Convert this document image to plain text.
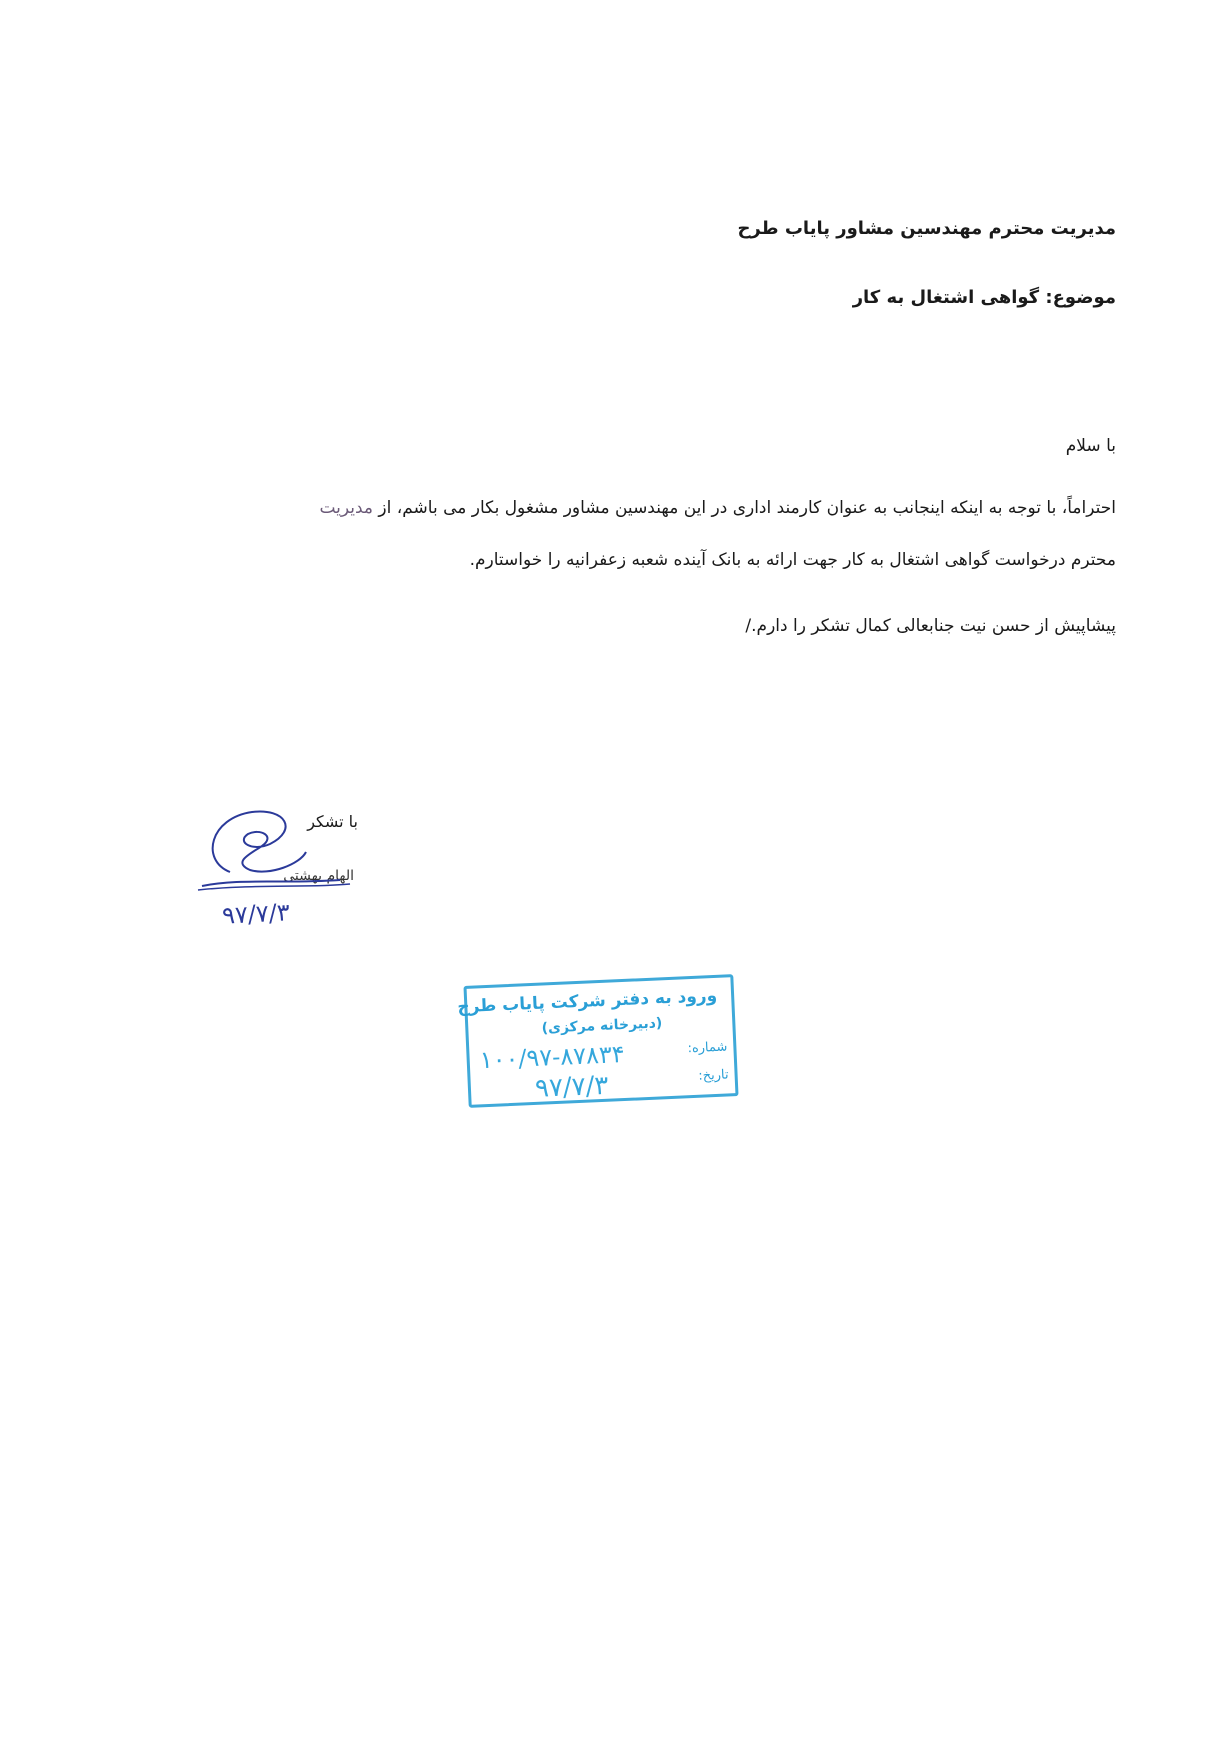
مدیریت محترم مهندسین مشاور پایاب طرح
موضوع: گواهی اشتغال به کار
با سلام
احتراماً، با توجه به اینکه اینجانب به عنوان کارمند اداری در این مهندسین مشاور مشغول بکار می باشم، از مدیریت
محترم درخواست گواهی اشتغال به کار جهت ارائه به بانک آینده شعبه زعفرانیه را خواستارم.
پیشاپیش از حسن نیت جنابعالی کمال تشکر را دارم./
با تشکر
الهام بهشتی
۹۷/۷/۳
ورود به دفتر شرکت پایاب طرح
(دبیرخانه مرکزی)
شماره:
۱۰۰/۹۷-۸۷۸۳۴
تاریخ:
۹۷/۷/۳
